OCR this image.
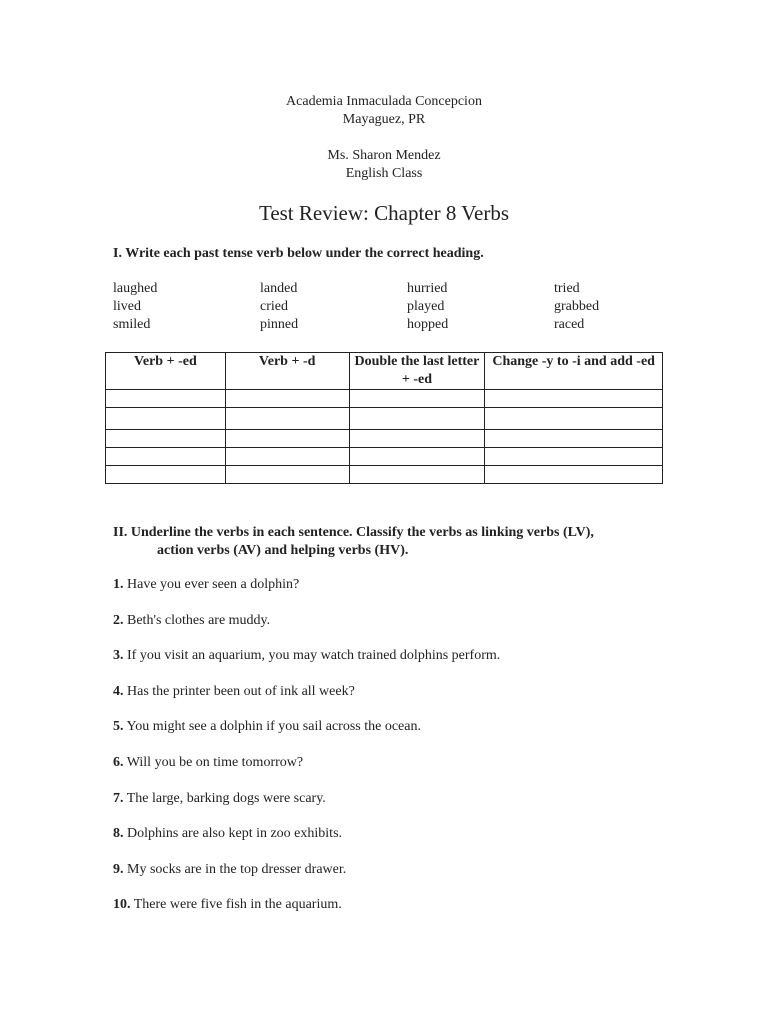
Academia Inmaculada Concepcion
Mayaguez, PR
Ms. Sharon Mendez
English Class
Test Review: Chapter 8 Verbs
I. Write each past tense verb below under the correct heading.
laughed	landed	hurried	tried
lived	cried	played	grabbed
smiled	pinned	hopped	raced
Verb + -ed	Verb + -d	Double the last letter + -ed	Change -y to -i and add -ed

II. Underline the verbs in each sentence. Classify the verbs as linking verbs (LV),
action verbs (AV) and helping verbs (HV).
1. Have you ever seen a dolphin?
2. Beth's clothes are muddy.
3. If you visit an aquarium, you may watch trained dolphins perform.
4. Has the printer been out of ink all week?
5. You might see a dolphin if you sail across the ocean.
6. Will you be on time tomorrow?
7. The large, barking dogs were scary.
8. Dolphins are also kept in zoo exhibits.
9. My socks are in the top dresser drawer.
10. There were five fish in the aquarium.
